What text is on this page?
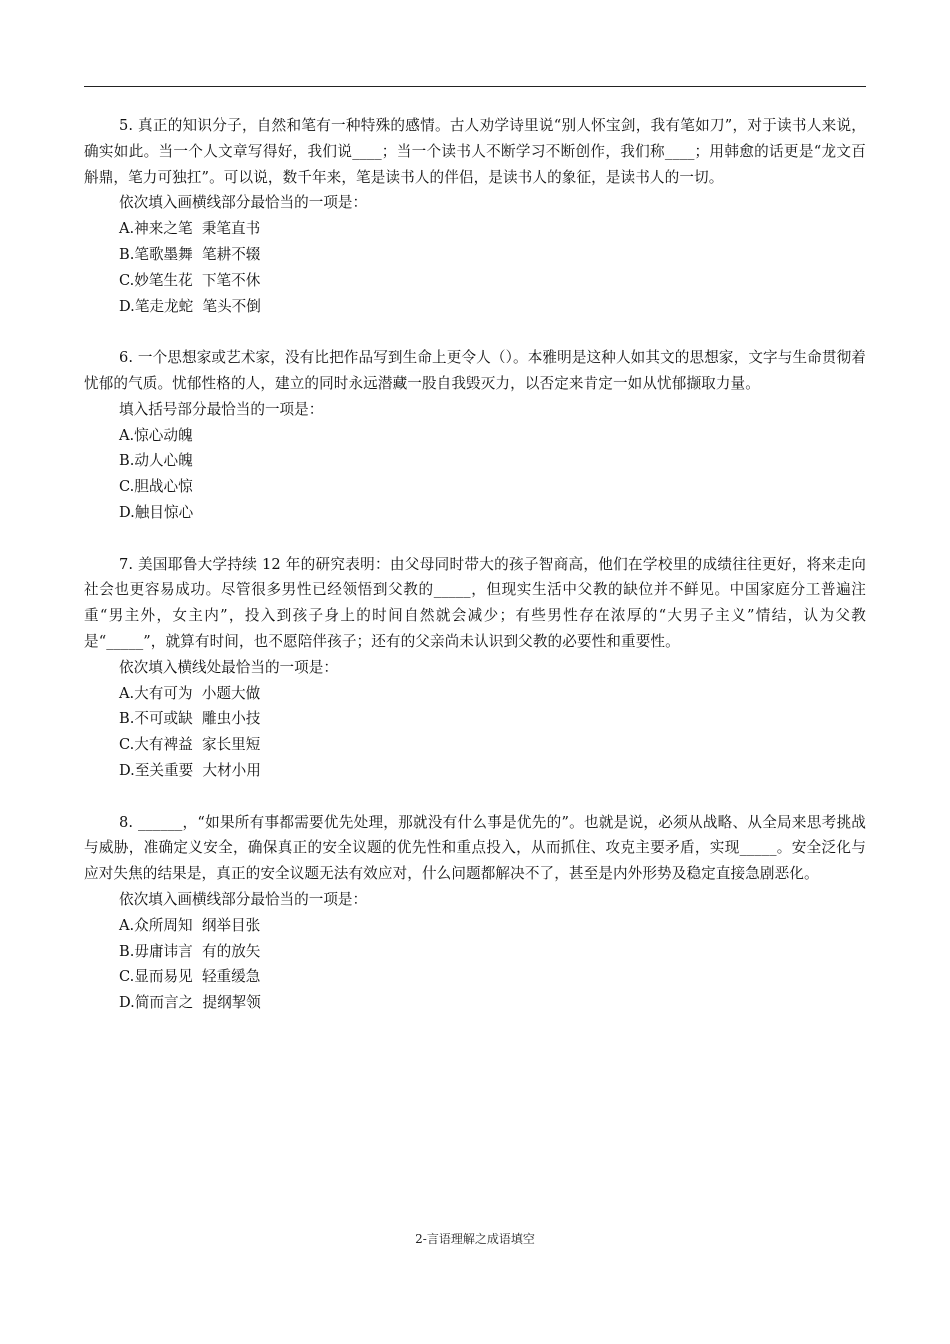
5. 真正的知识分子，自然和笔有一种特殊的感情。古人劝学诗里说“别人怀宝剑，我有笔如刀”，对于读书人来说，确实如此。当一个人文章写得好，我们说____；当一个读书人不断学习不断创作，我们称____；用韩愈的话更是“龙文百斛鼎，笔力可独扛”。可以说，数千年来，笔是读书人的伴侣，是读书人的象征，是读书人的一切。

依次填入画横线部分最恰当的一项是：

A.神来之笔  秉笔直书
B.笔歌墨舞  笔耕不辍
C.妙笔生花  下笔不休
D.笔走龙蛇  笔头不倒

6. 一个思想家或艺术家，没有比把作品写到生命上更令人（）。本雅明是这种人如其文的思想家，文字与生命贯彻着忧郁的气质。忧郁性格的人，建立的同时永远潜藏一股自我毁灭力，以否定来肯定一如从忧郁撷取力量。

填入括号部分最恰当的一项是：

A.惊心动魄
B.动人心魄
C.胆战心惊
D.触目惊心

7. 美国耶鲁大学持续 12 年的研究表明：由父母同时带大的孩子智商高，他们在学校里的成绩往往更好，将来走向社会也更容易成功。尽管很多男性已经领悟到父教的_____，但现实生活中父教的缺位并不鲜见。中国家庭分工普遍注重“男主外，女主内”，投入到孩子身上的时间自然就会减少；有些男性存在浓厚的“大男子主义”情结，认为父教是“_____”，就算有时间，也不愿陪伴孩子；还有的父亲尚未认识到父教的必要性和重要性。

依次填入横线处最恰当的一项是：

A.大有可为  小题大做
B.不可或缺  雕虫小技
C.大有裨益  家长里短
D.至关重要  大材小用

8. ______，“如果所有事都需要优先处理，那就没有什么事是优先的”。也就是说，必须从战略、从全局来思考挑战与威胁，准确定义安全，确保真正的安全议题的优先性和重点投入，从而抓住、攻克主要矛盾，实现_____。安全泛化与应对失焦的结果是，真正的安全议题无法有效应对，什么问题都解决不了，甚至是内外形势及稳定直接急剧恶化。

依次填入画横线部分最恰当的一项是：

A.众所周知  纲举目张
B.毋庸讳言  有的放矢
C.显而易见  轻重缓急
D.简而言之  提纲挈领
2-言语理解之成语填空
